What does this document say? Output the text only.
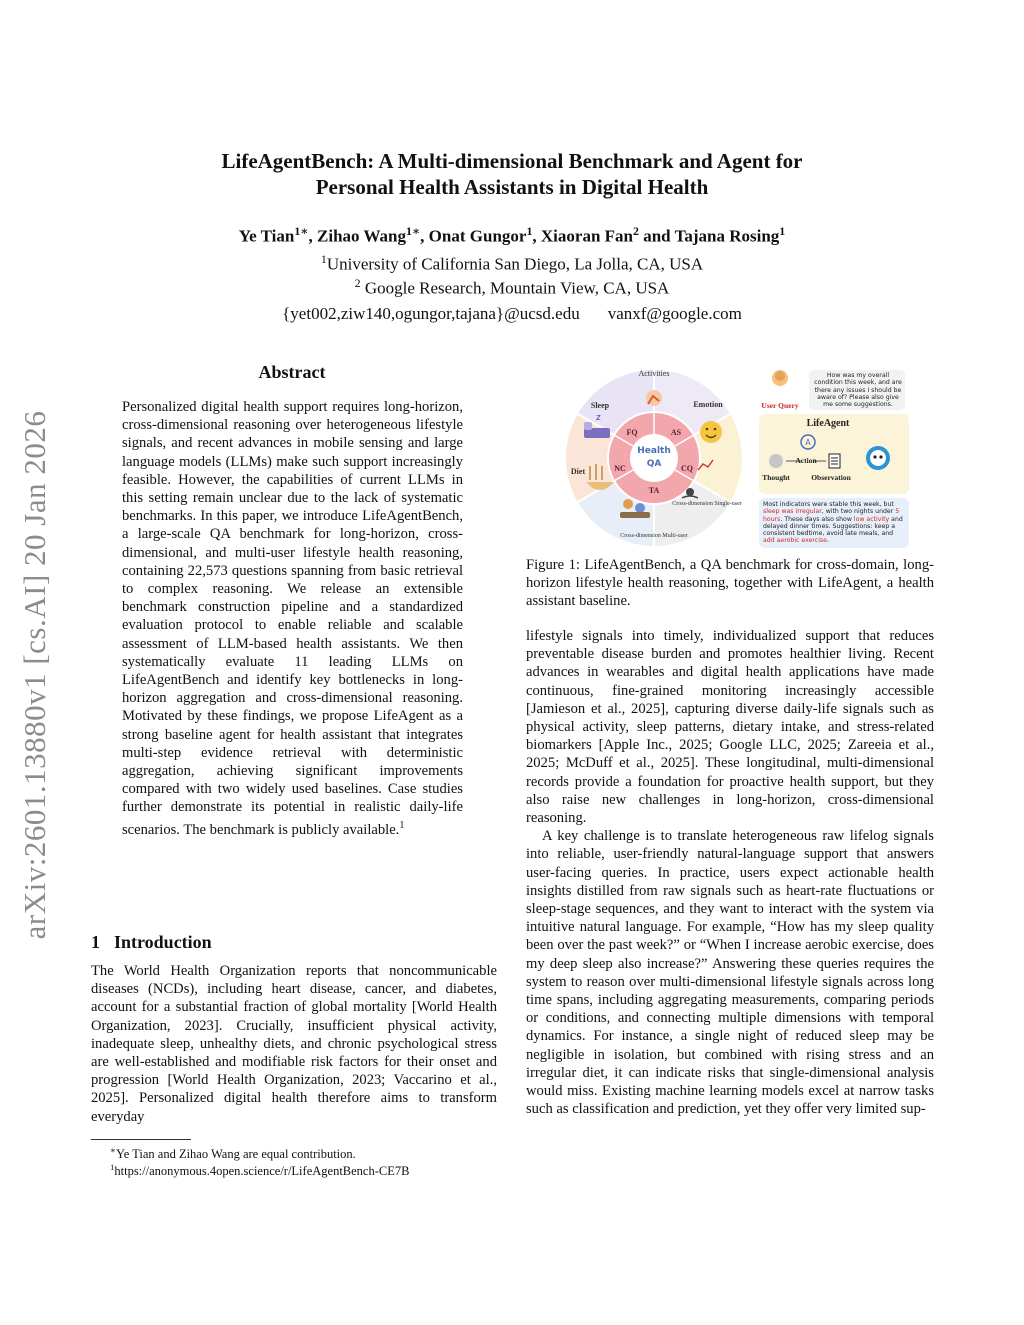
arXiv:2601.13880v1 [cs.AI] 20 Jan 2026
LifeAgentBench: A Multi-dimensional Benchmark and Agent for
Personal Health Assistants in Digital Health
Ye Tian$^{1∗}$, Zihao Wang$^{1∗}$, Onat Gungor$^1$, Xiaoran Fan$^2$ and Tajana Rosing$^1$
$^1$University of California San Diego, La Jolla, CA, USA
$^2$ Google Research, Mountain View, CA, USA
{yet002,ziw140,ogungor,tajana}@ucsd.edu vanxf@google.com
Abstract
Personalized digital health support requires long-horizon, cross-dimensional reasoning over heterogeneous lifestyle signals, and recent advances in mobile sensing and large language models (LLMs) make such support increasingly feasible. However, the capabilities of current LLMs in this setting remain unclear due to the lack of systematic benchmarks. In this paper, we introduce LifeAgentBench, a large-scale QA benchmark for long-horizon, cross-dimensional, and multi-user lifestyle health reasoning, containing 22,573 questions spanning from basic retrieval to complex reasoning. We release an extensible benchmark construction pipeline and a standardized evaluation protocol to enable reliable and scalable assessment of LLM-based health assistants. We then systematically evaluate 11 leading LLMs on LifeAgentBench and identify key bottlenecks in long-horizon aggregation and cross-dimensional reasoning. Motivated by these findings, we propose LifeAgent as a strong baseline agent for health assistant that integrates multi-step evidence retrieval with deterministic aggregation, achieving significant improvements compared with two widely used baselines. Case studies further demonstrate its potential in realistic daily-life scenarios. The benchmark is publicly available.$^1$
1 Introduction
The World Health Organization reports that noncommunicable diseases (NCDs), including heart disease, cancer, and diabetes, account for a substantial fraction of global mortality [World Health Organization, 2023]. Crucially, insufficient physical activity, inadequate sleep, unhealthy diets, and chronic psychological stress are well-established and modifiable risk factors for their onset and progression [World Health Organization, 2023; Vaccarino et al., 2025]. Personalized digital health therefore aims to transform everyday
∗Ye Tian and Zihao Wang are equal contribution.
$^1$https://anonymous.4open.science/r/LifeAgentBench-CE7B
z
Activities
Emotion
Sleep
Diet
Cross-dimension Multi-user
Cross-dimension Single-user
FQ	AS
NC	CQ
TA
Health
QA
User Query
LifeAgent
A
Thought
Action
Observation
How was my overall condition this week, and are there any issues I should be aware of? Please also give me some suggestions.
Most indicators were stable this week, but sleep was irregular, with two nights under 5 hours. These days also show low activity and delayed dinner times. Suggestions: keep a consistent bedtime, avoid late meals, and add aerobic exercise.
Figure 1: LifeAgentBench, a QA benchmark for cross-domain, long-horizon lifestyle health reasoning, together with LifeAgent, a health assistant baseline.

lifestyle signals into timely, individualized support that reduces preventable disease burden and promotes healthier living. Recent advances in wearables and digital health applications have made continuous, fine-grained monitoring increasingly accessible [Jamieson et al., 2025], capturing diverse daily-life signals such as physical activity, sleep patterns, dietary intake, and stress-related biomarkers [Apple Inc., 2025; Google LLC, 2025; Zareeia et al., 2025; McDuff et al., 2025]. These longitudinal, multi-dimensional records provide a foundation for proactive health support, but they also raise new challenges in long-horizon, cross-dimensional reasoning.

A key challenge is to translate heterogeneous raw lifelog signals into reliable, user-friendly natural-language support that answers user-facing queries. In practice, users expect actionable health insights distilled from raw signals such as heart-rate fluctuations or sleep-stage sequences, and they want to interact with the system via intuitive natural language. For example, “How has my sleep quality been over the past week?” or “When I increase aerobic exercise, does my deep sleep also increase?” Answering these queries requires the system to reason over multi-dimensional lifestyle signals across long time spans, including aggregating measurements, comparing periods or conditions, and connecting multiple dimensions with temporal dynamics. For instance, a single night of reduced sleep may be negligible in isolation, but combined with rising stress and an irregular diet, it can indicate risks that single-dimensional analysis would miss. Existing machine learning models excel at narrow tasks such as classification and prediction, yet they offer very limited sup-
